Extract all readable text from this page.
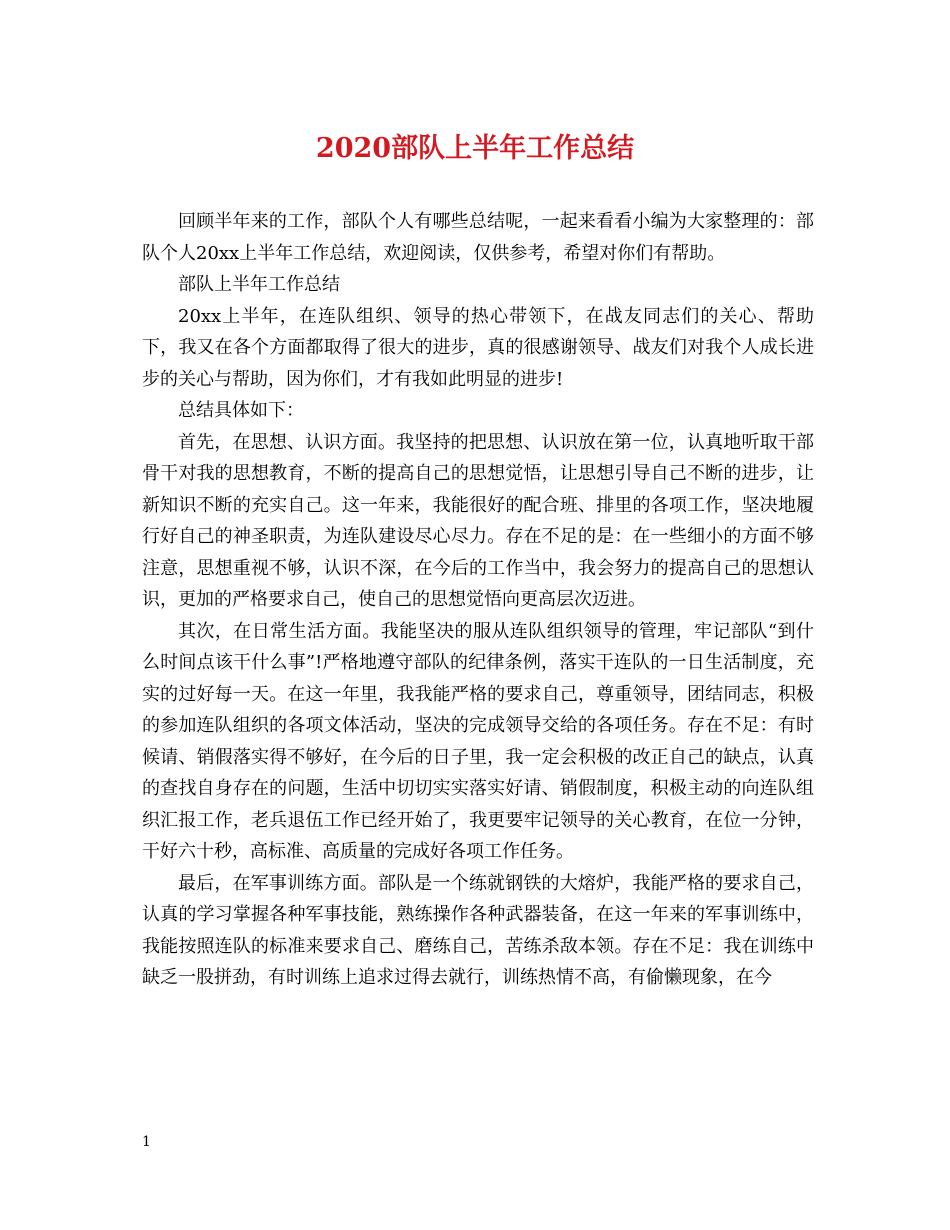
2020部队上半年工作总结

回顾半年来的工作，部队个人有哪些总结呢，一起来看看小编为大家整理的：部队个人20xx上半年工作总结，欢迎阅读，仅供参考，希望对你们有帮助。

部队上半年工作总结

20xx上半年，在连队组织、领导的热心带领下，在战友同志们的关心、帮助下，我又在各个方面都取得了很大的进步，真的很感谢领导、战友们对我个人成长进步的关心与帮助，因为你们，才有我如此明显的进步!

总结具体如下：

首先，在思想、认识方面。我坚持的把思想、认识放在第一位，认真地听取干部骨干对我的思想教育，不断的提高自己的思想觉悟，让思想引导自己不断的进步，让新知识不断的充实自己。这一年来，我能很好的配合班、排里的各项工作，坚决地履行好自己的神圣职责，为连队建设尽心尽力。存在不足的是：在一些细小的方面不够注意，思想重视不够，认识不深，在今后的工作当中，我会努力的提高自己的思想认识，更加的严格要求自己，使自己的思想觉悟向更高层次迈进。

其次，在日常生活方面。我能坚决的服从连队组织领导的管理，牢记部队“到什么时间点该干什么事”!严格地遵守部队的纪律条例，落实干连队的一日生活制度，充实的过好每一天。在这一年里，我我能严格的要求自己，尊重领导，团结同志，积极的参加连队组织的各项文体活动，坚决的完成领导交给的各项任务。存在不足：有时候请、销假落实得不够好，在今后的日子里，我一定会积极的改正自己的缺点，认真的查找自身存在的问题，生活中切切实实落实好请、销假制度，积极主动的向连队组织汇报工作，老兵退伍工作已经开始了，我更要牢记领导的关心教育，在位一分钟，干好六十秒，高标准、高质量的完成好各项工作任务。

最后，在军事训练方面。部队是一个练就钢铁的大熔炉，我能严格的要求自己，认真的学习掌握各种军事技能，熟练操作各种武器装备，在这一年来的军事训练中，我能按照连队的标准来要求自己、磨练自己，苦练杀敌本领。存在不足：我在训练中缺乏一股拼劲，有时训练上追求过得去就行，训练热情不高，有偷懒现象，在今

1
